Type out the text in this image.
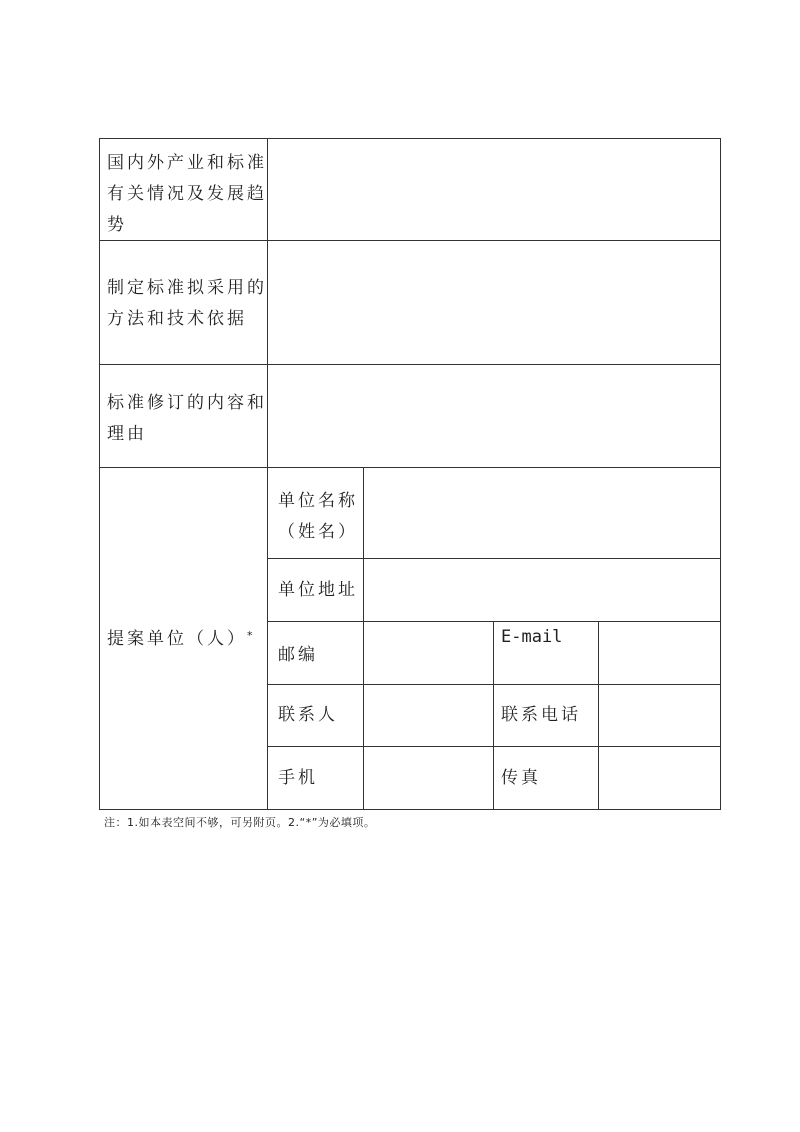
国内外产业和标准
有关情况及发展趋
势
制定标准拟采用的
方法和技术依据
标准修订的内容和
理由
提案单位（人）*
单位名称
（姓名）
单位地址
邮编
E-mail
联系人	联系电话
手机	传真
注：1.如本表空间不够，可另附页。2.“*”为必填项。
